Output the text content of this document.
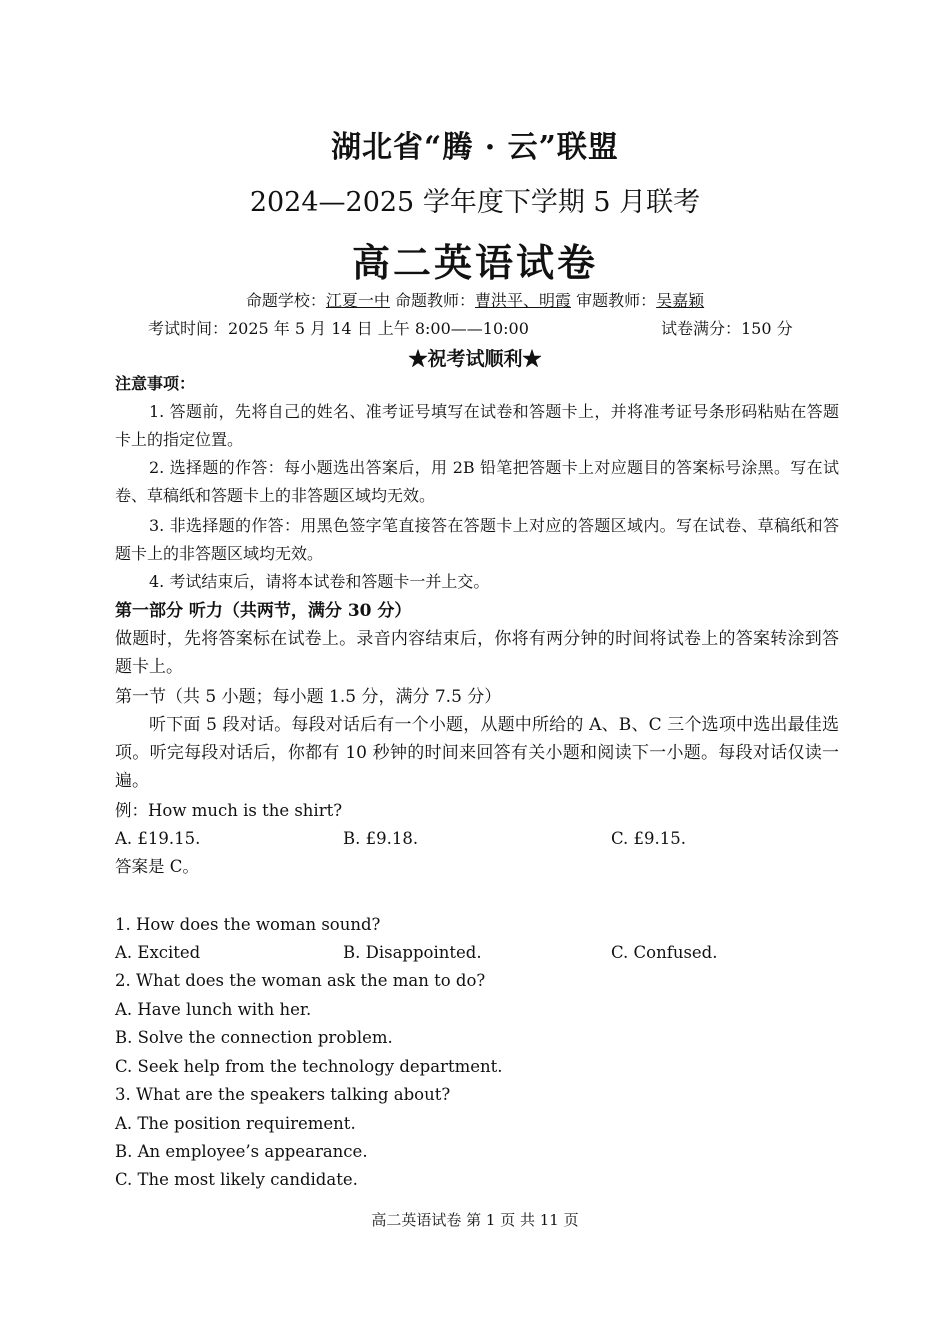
湖北省“腾 · 云”联盟
2024—2025 学年度下学期 5 月联考
高二英语试卷
命题学校：江夏一中 命题教师：曹洪平、明霞 审题教师：吴嘉颖
考试时间：2025 年 5 月 14 日 上午 8:00——10:00	试卷满分：150 分
★祝考试顺利★
注意事项：
1. 答题前，先将自己的姓名、准考证号填写在试卷和答题卡上，并将准考证号条形码粘贴在答题卡上的指定位置。
2. 选择题的作答：每小题选出答案后，用 2B 铅笔把答题卡上对应题目的答案标号涂黑。写在试卷、草稿纸和答题卡上的非答题区域均无效。
3. 非选择题的作答：用黑色签字笔直接答在答题卡上对应的答题区域内。写在试卷、草稿纸和答题卡上的非答题区域均无效。
4. 考试结束后，请将本试卷和答题卡一并上交。
第一部分 听力（共两节，满分 30 分）
做题时，先将答案标在试卷上。录音内容结束后，你将有两分钟的时间将试卷上的答案转涂到答题卡上。
第一节（共 5 小题；每小题 1.5 分，满分 7.5 分）
听下面 5 段对话。每段对话后有一个小题，从题中所给的 A、B、C 三个选项中选出最佳选项。听完每段对话后，你都有 10 秒钟的时间来回答有关小题和阅读下一小题。每段对话仅读一遍。
例：How much is the shirt?
A. £19.15.	B. £9.18.	C. £9.15.
答案是 C。
1. How does the woman sound?
A. Excited	B. Disappointed.	C. Confused.
2. What does the woman ask the man to do?
A. Have lunch with her.
B. Solve the connection problem.
C. Seek help from the technology department.
3. What are the speakers talking about?
A. The position requirement.
B. An employee’s appearance.
C. The most likely candidate.
高二英语试卷 第 1 页 共 11 页
